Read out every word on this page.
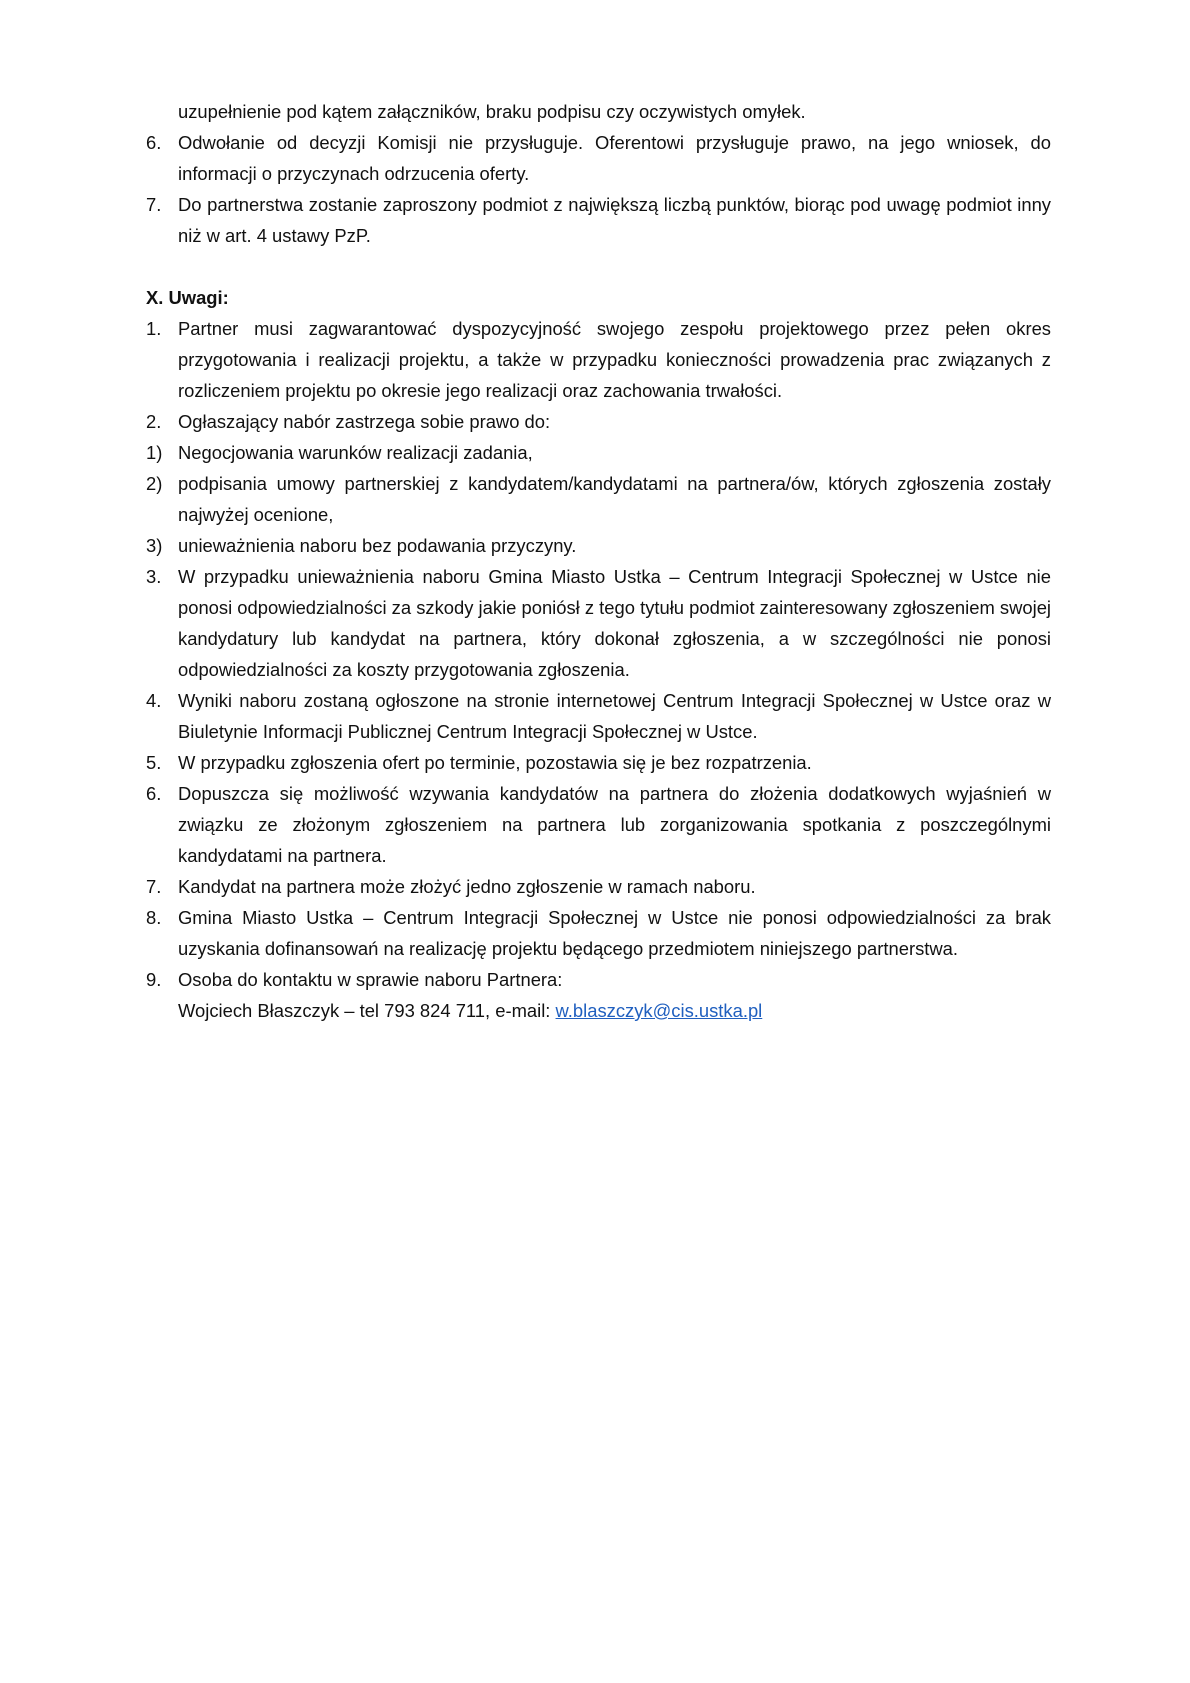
uzupełnienie pod kątem załączników, braku podpisu czy oczywistych omyłek.
6. Odwołanie od decyzji Komisji nie przysługuje. Oferentowi przysługuje prawo, na jego wniosek, do informacji o przyczynach odrzucenia oferty.
7. Do partnerstwa zostanie zaproszony podmiot z największą liczbą punktów, biorąc pod uwagę podmiot inny niż w art. 4 ustawy PzP.
X. Uwagi:
1. Partner musi zagwarantować dyspozycyjność swojego zespołu projektowego przez pełen okres przygotowania i realizacji projektu, a także w przypadku konieczności prowadzenia prac związanych z rozliczeniem projektu po okresie jego realizacji oraz zachowania trwałości.
2. Ogłaszający nabór zastrzega sobie prawo do:
1) Negocjowania warunków realizacji zadania,
2) podpisania umowy partnerskiej z kandydatem/kandydatami na partnera/ów, których zgłoszenia zostały najwyżej ocenione,
3) unieważnienia naboru bez podawania przyczyny.
3. W przypadku unieważnienia naboru Gmina Miasto Ustka – Centrum Integracji Społecznej w Ustce nie ponosi odpowiedzialności za szkody jakie poniósł z tego tytułu podmiot zainteresowany zgłoszeniem swojej kandydatury lub kandydat na partnera, który dokonał zgłoszenia, a w szczególności nie ponosi odpowiedzialności za koszty przygotowania zgłoszenia.
4. Wyniki naboru zostaną ogłoszone na stronie internetowej Centrum Integracji Społecznej w Ustce oraz w Biuletynie Informacji Publicznej Centrum Integracji Społecznej w Ustce.
5. W przypadku zgłoszenia ofert po terminie, pozostawia się je bez rozpatrzenia.
6. Dopuszcza się możliwość wzywania kandydatów na partnera do złożenia dodatkowych wyjaśnień w związku ze złożonym zgłoszeniem na partnera lub zorganizowania spotkania z poszczególnymi kandydatami na partnera.
7. Kandydat na partnera może złożyć jedno zgłoszenie w ramach naboru.
8. Gmina Miasto Ustka – Centrum Integracji Społecznej w Ustce nie ponosi odpowiedzialności za brak uzyskania dofinansowań na realizację projektu będącego przedmiotem niniejszego partnerstwa.
9. Osoba do kontaktu w sprawie naboru Partnera:
Wojciech Błaszczyk – tel 793 824 711, e-mail: w.blaszczyk@cis.ustka.pl
